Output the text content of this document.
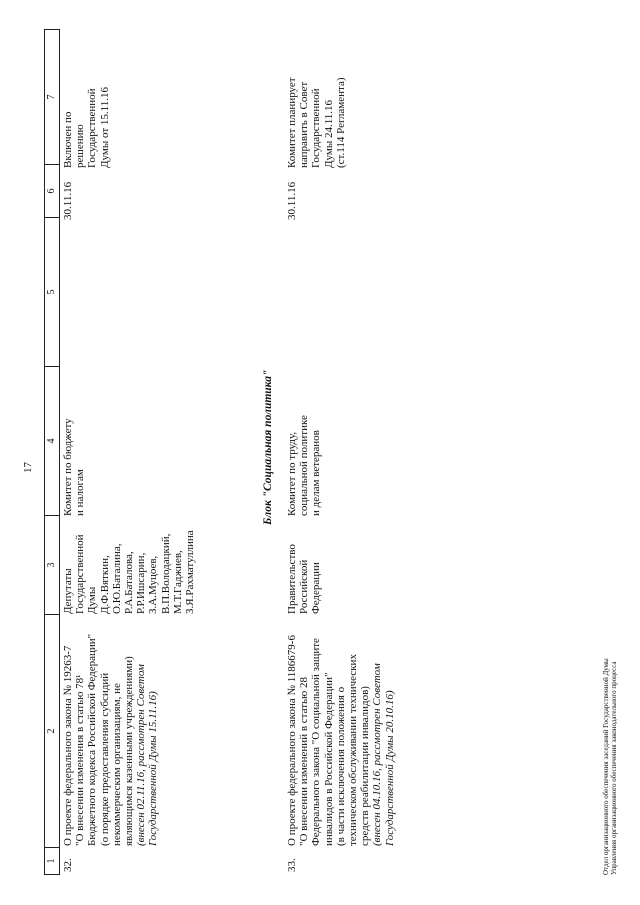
17
1
2
3
4
5
6
7
32.
О проекте федерального закона № 19263-7 "О внесении изменения в статью 78¹ Бюджетного кодекса Российской Федерации" (о порядке предоставления субсидий некоммерческим организациям, не являющимся казенными учреждениями) (внесен 02.11.16, рассмотрен Советом Государственной Думы 15.11.16)
Депутаты Государственной Думы Д.Ф.Вяткин, О.Ю.Баталина, Р.А.Баталова, Р.Р.Ишсарин, З.А.Муцоев, В.П.Володацкий, М.Т.Гаджиев, З.Я.Рахматуллина
Комитет по бюджету и налогам
30.11.16
Включен по решению Государственной Думы от 15.11.16
Блок "Социальная политика"
33.
О проекте федерального закона № 1186679-6 "О внесении изменений в статью 28 Федерального закона "О социальной защите инвалидов в Российской Федерации" (в части исключения положения о техническом обслуживании технических средств реабилитации инвалидов) (внесен 04.10.16, рассмотрен Советом Государственной Думы 20.10.16)
Правительство Российской Федерации
Комитет по труду, социальной политике и делам ветеранов
30.11.16
Комитет планирует направить в Совет Государственной Думы 24.11.16 (ст.114 Регламента)
Отдел организационного обеспечения заседаний Государственной Думы Управления организационного обеспечения законодательного процесса
